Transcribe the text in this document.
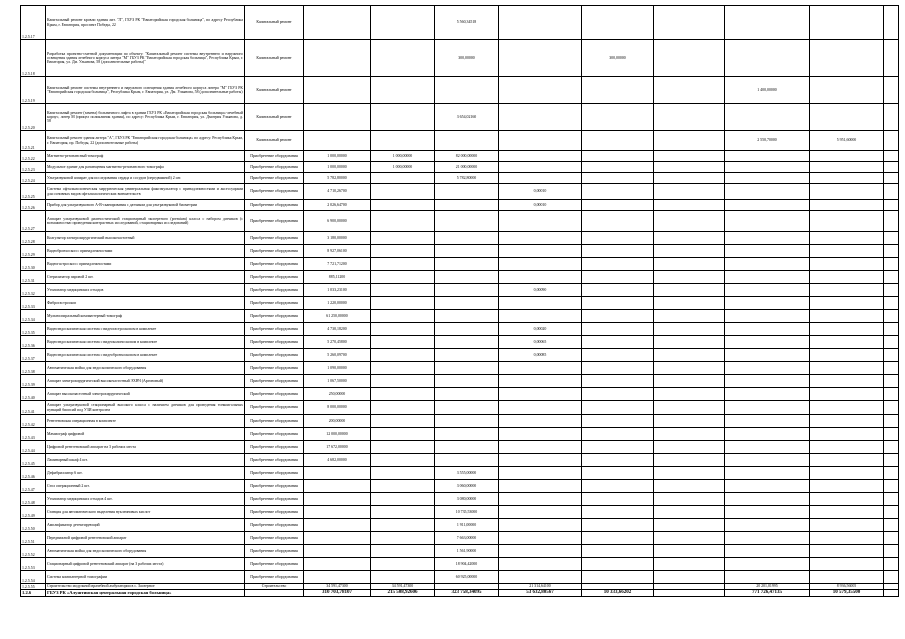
1.2.5.17	Капитальный ремонт кровли здания лит. "Л", ГБУЗ РК "Евпаторийская городская больница", по адресу Республика Крым, г. Евпатория, проспект Победы, 22	Капитальный ремонт			5 560,34518						
1.2.5.18	Разработка проектно-сметной документации по объекту: "Капитальный ремонт системы внутреннего и наружного освещения здания лечебного корпуса литера "М" ГБУЗ РК "Евпаторийская городская больница", Республика Крым, г. Евпатория, ул. Дм. Ульянова, 58 (дополнительные работы)"	Капитальный ремонт			300,00000		300,00000				
1.2.5.19	Капитальный ремонт системы внутреннего и наружного освещения здания лечебного корпуса литера "М" ГБУЗ РК "Евпаторийская городская больница", Республика Крым, г. Евпатория, ул. Дм. Ульянова, 58 (дополнительные работы)	Капитальный ремонт							1 400,00000		
1.2.5.20	Капитальный ремонт (замена) больничного лифта в здании ГБУЗ РК «Евпаторийская городская больница»-лечебный корпус, литер М (прицел поликлиник здания), по адресу: Республика Крым, г. Евпатория, ул. Дмитрия Ульянова, д. 58	Капитальный ремонт			3 654,02160						
1.2.5.21	Капитальный ремонт здания литера "А", ГБУЗ РК "Евпаторийская городская больница» по адресу: Республика Крым, г. Евпатория, пр. Победы, 22 (дополнительные работы)	Капитальный ремонт							2 550,70000	5 951,60000	
1.2.5.22	Магнитно-резонансный томограф	Приобретение оборудования	1 000,00000	1 000,00000	82 000,00000						
1.2.5.23	Модульное здание для размещения магнитно-резонансного томографа	Приобретение оборудования	1 000,00000	1 000,00000	21 000,00000						
1.2.5.24	Ультразвуковой аппарат для исследования сердца и сосудов (передвижной) 2 шт.	Приобретение оборудования	5 782,80000		5 782,80000						
1.2.5.25	Система офтальмологическая хирургическая универсальная факоэмульгатор с принадлежностями и аксессуарами для основных видов офтальмологических вмешательств	Приобретение оборудования	4 710,26700			0,00010					
1.2.5.26	Прибор для ультразвукового А-В-сканирования с датчиком для ультразвуковой биометрии	Приобретение оборудования	2 026,64700			0,00010					
1.2.5.27	Аппарат ультразвуковой диагностический стационарный экспертного (premium) класса с набором датчиков (с возможностью проведения контрастных исследований, стационарных исследований)	Приобретение оборудования	6 900,00000								
1.2.5.28	Коагулятор электрохирургический высокочастотный	Приобретение оборудования	3 180,00000								
1.2.5.29	Видеобронхоскоп с принадлежностями	Приобретение оборудования	8 927,06100								
1.2.5.30	Видеогастроскоп с принадлежностями	Приобретение оборудования	7 721,71200								
1.2.5.31	Стерилизатор паровой 2 шт.	Приобретение оборудования	885,11200								
1.2.5.32	Утилизатор медицинских отходов	Приобретение оборудования	1 033,23100			0,00090					
1.2.5.33	Фиброгастроскоп	Приобретение оборудования	1 220,00000								
1.2.5.34	Мультиспиральный компьютерный томограф	Приобретение оборудования	61 250,00000								
1.2.5.35	Видеоэндоскопическая система с видеогастроскопом в комплекте	Приобретение оборудования	4 730,18200			0,00020					
1.2.5.36	Видеоэндоскопическая система с видеоколоноскопом в комплекте	Приобретение оборудования	5 270,45800			0,00065					
1.2.5.37	Видеоэндоскопическая система с видеобронхоскопом в комплекте	Приобретение оборудования	5 260,09700			0,00085					
1.2.5.38	Автоматическая мойка для эндоскопического оборудования	Приобретение оборудования	1 090,00000								
1.2.5.39	Аппарат электрохирургический высокочастотный ЭХВЧ (Аргоновый)	Приобретение оборудования	1 067,50000								
1.2.5.40	Аппарат высокочастотный электрохирургический	Приобретение оборудования	250,00000								
1.2.5.41	Аппарат ультразвуковой стационарный высокого класса с наличием датчиков для проведения тонкоигольных пункций биопсий под УЗИ контролем	Приобретение оборудования	8 000,00000								
1.2.5.42	Рентгеновская операционная в комплекте	Приобретение оборудования	200,00000								
1.2.5.43	Маммограф цифровой	Приобретение оборудования	12 000,00000								
1.2.5.44	Цифровой рентгеновский аппарат на 3 рабочих места	Приобретение оборудования	17 672,00000								
1.2.5.45	Ламинарный шкаф 4 шт.	Приобретение оборудования	4 682,00000								
1.2.5.46	Дефибриллятор 6 шт.	Приобретение оборудования			3 555,00000						
1.2.5.47	Стол операционный 2 шт.	Приобретение оборудования			3 060,00000						
1.2.5.48	Утилизатор медицинских отходов 4 шт.	Приобретение оборудования			3 080,00000						
1.2.5.49	Станция для автоматического выделения нуклеиновых кислот	Приобретение оборудования			10 735,53000						
1.2.5.50	Амплификатор детектирующий	Приобретение оборудования			1 911,00000						
1.2.5.51	Передвижной цифровой рентгеновский аппарат	Приобретение оборудования			7 663,00000						
1.2.5.52	Автоматическая мойка для эндоскопического оборудования	Приобретение оборудования			1 561,90000						
1.2.5.53	Стационарный цифровой рентгеновский аппарат (на 3 рабочих места)	Приобретение оборудования			18 904,42000						
1.2.5.54	Система компьютерной томографии	Приобретение оборудования			60 925,00000						
1.2.5.55	Строительство модульной врачебной амбулатории в с. Заозерное	Строительство	34 591,47300	34 591,47300		21 314,64100			20 201,01995	8 936,56005	
1.2.6	ГБУЗ РК «Алуштинская центральная городская больница»		310 703,78107	215 508,92606	323 758,34095	53 632,80567	10 333,66202		771 726,47135	10 579,35500	
